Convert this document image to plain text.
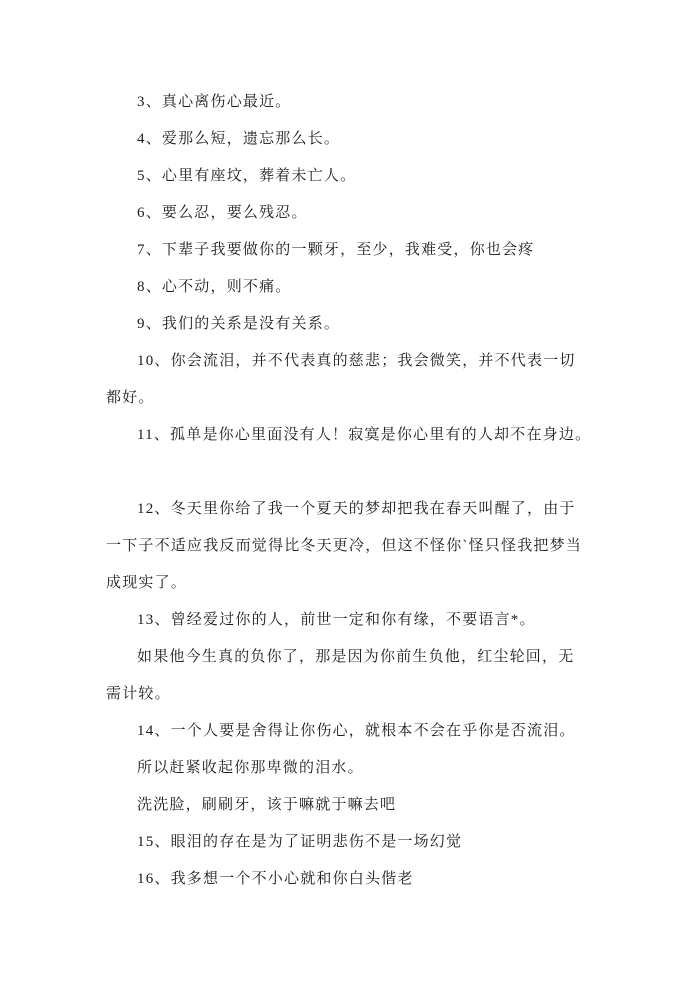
3、真心离伤心最近。
4、爱那么短，遗忘那么长。
5、心里有座坟，葬着未亡人。
6、要么忍，要么残忍。
7、下辈子我要做你的一颗牙，至少，我难受，你也会疼
8、心不动，则不痛。
9、我们的关系是没有关系。
10、你会流泪，并不代表真的慈悲；我会微笑，并不代表一切
都好。
11、孤单是你心里面没有人！寂寞是你心里有的人却不在身边。
12、冬天里你给了我一个夏天的梦却把我在春天叫醒了，由于
一下子不适应我反而觉得比冬天更冷，但这不怪你`怪只怪我把梦当
成现实了。
13、曾经爱过你的人，前世一定和你有缘，不要语言*。
如果他今生真的负你了，那是因为你前生负他，红尘轮回，无
需计较。
14、一个人要是舍得让你伤心，就根本不会在乎你是否流泪。
所以赶紧收起你那卑微的泪水。
洗洗脸，刷刷牙，该于嘛就于嘛去吧
15、眼泪的存在是为了证明悲伤不是一场幻觉
16、我多想一个不小心就和你白头偕老
